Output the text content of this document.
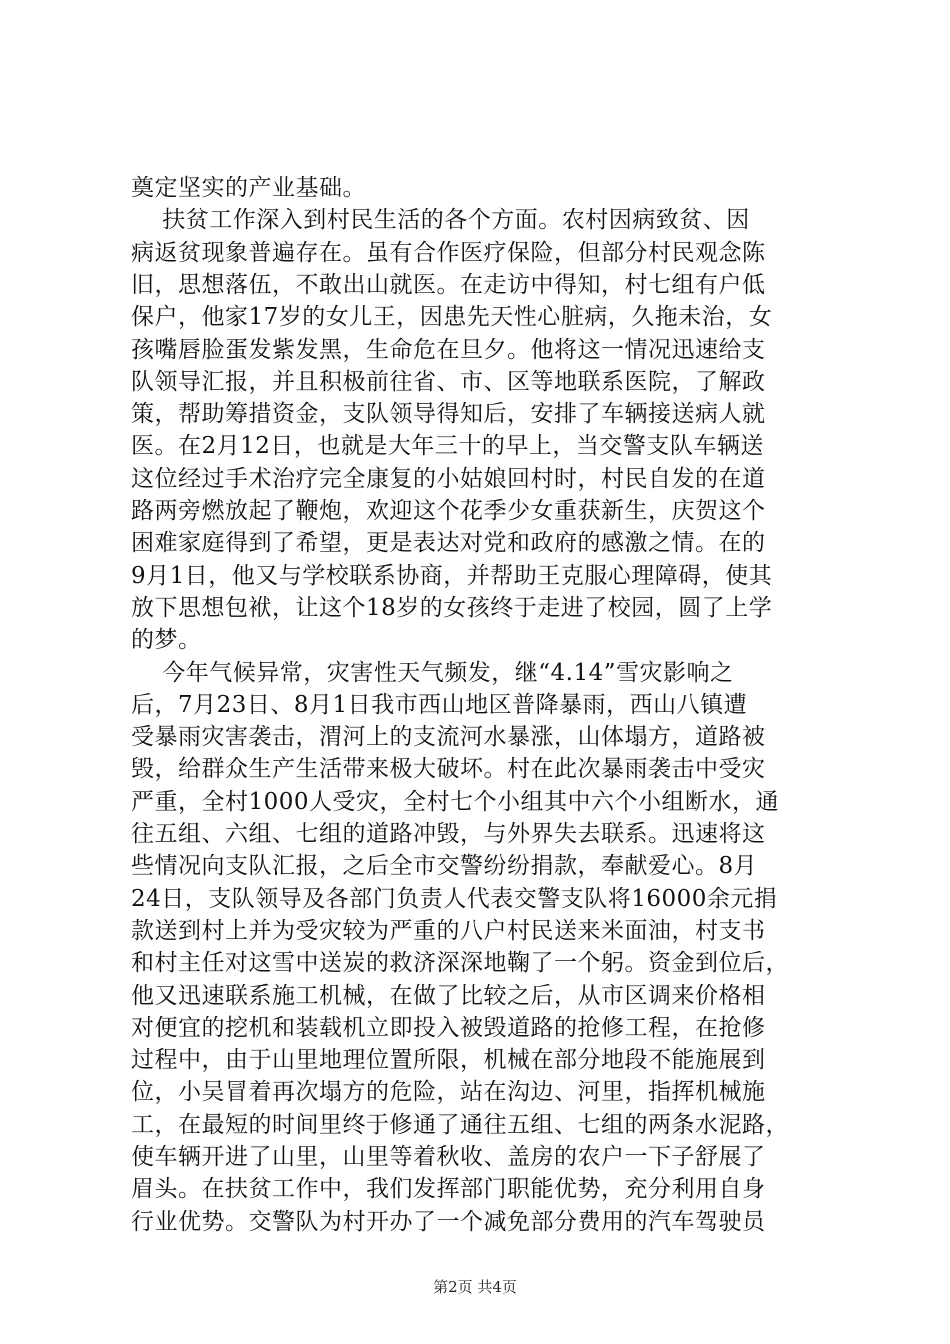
奠定坚实的产业基础。
扶贫工作深入到村民生活的各个方面。农村因病致贫、因
病返贫现象普遍存在。虽有合作医疗保险，但部分村民观念陈
旧，思想落伍，不敢出山就医。在走访中得知，村七组有户低
保户，他家17岁的女儿王，因患先天性心脏病，久拖未治，女
孩嘴唇脸蛋发紫发黑，生命危在旦夕。他将这一情况迅速给支
队领导汇报，并且积极前往省、市、区等地联系医院，了解政
策，帮助筹措资金，支队领导得知后，安排了车辆接送病人就
医。在2月12日，也就是大年三十的早上，当交警支队车辆送
这位经过手术治疗完全康复的小姑娘回村时，村民自发的在道
路两旁燃放起了鞭炮，欢迎这个花季少女重获新生，庆贺这个
困难家庭得到了希望，更是表达对党和政府的感激之情。在的
9月1日，他又与学校联系协商，并帮助王克服心理障碍，使其
放下思想包袱，让这个18岁的女孩终于走进了校园，圆了上学
的梦。
今年气候异常，灾害性天气频发，继“4.14”雪灾影响之
后，7月23日、8月1日我市西山地区普降暴雨，西山八镇遭
受暴雨灾害袭击，渭河上的支流河水暴涨，山体塌方，道路被
毁，给群众生产生活带来极大破坏。村在此次暴雨袭击中受灾
严重，全村1000人受灾，全村七个小组其中六个小组断水，通
往五组、六组、七组的道路冲毁，与外界失去联系。迅速将这
些情况向支队汇报，之后全市交警纷纷捐款，奉献爱心。8月
24日，支队领导及各部门负责人代表交警支队将16000余元捐
款送到村上并为受灾较为严重的八户村民送来米面油，村支书
和村主任对这雪中送炭的救济深深地鞠了一个躬。资金到位后，
他又迅速联系施工机械，在做了比较之后，从市区调来价格相
对便宜的挖机和装载机立即投入被毁道路的抢修工程，在抢修
过程中，由于山里地理位置所限，机械在部分地段不能施展到
位，小吴冒着再次塌方的危险，站在沟边、河里，指挥机械施
工，在最短的时间里终于修通了通往五组、七组的两条水泥路，
使车辆开进了山里，山里等着秋收、盖房的农户一下子舒展了
眉头。在扶贫工作中，我们发挥部门职能优势，充分利用自身
行业优势。交警队为村开办了一个减免部分费用的汽车驾驶员
第2页 共4页
